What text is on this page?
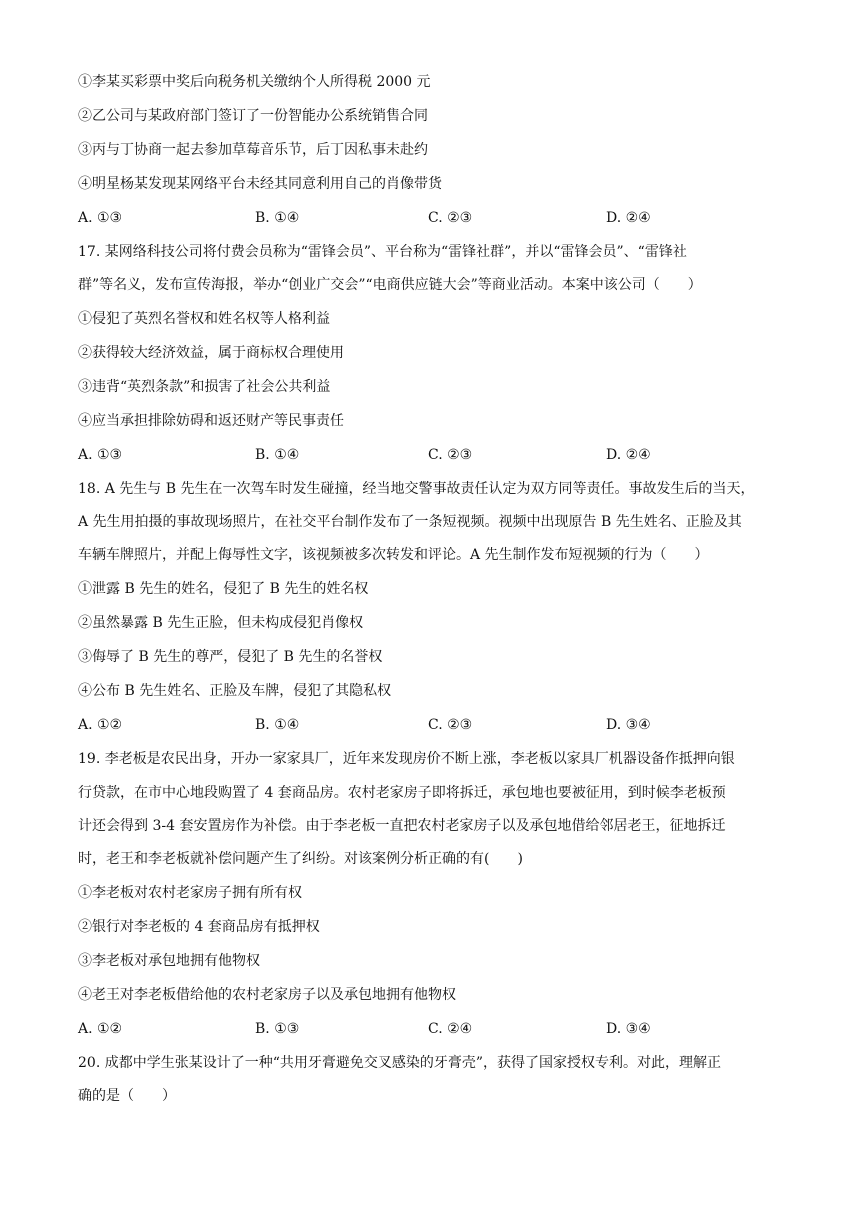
①李某买彩票中奖后向税务机关缴纳个人所得税 2000 元
②乙公司与某政府部门签订了一份智能办公系统销售合同
③丙与丁协商一起去参加草莓音乐节，后丁因私事未赴约
④明星杨某发现某网络平台未经其同意利用自己的肖像带货
A. ①③	B. ①④	C. ②③	D. ②④
17. 某网络科技公司将付费会员称为“雷锋会员”、平台称为“雷锋社群”，并以“雷锋会员”、“雷锋社
群”等名义，发布宣传海报，举办“创业广交会”“电商供应链大会”等商业活动。本案中该公司（　　）
①侵犯了英烈名誉权和姓名权等人格利益
②获得较大经济效益，属于商标权合理使用
③违背“英烈条款”和损害了社会公共利益
④应当承担排除妨碍和返还财产等民事责任
A. ①③	B. ①④	C. ②③	D. ②④
18. A 先生与 B 先生在一次驾车时发生碰撞，经当地交警事故责任认定为双方同等责任。事故发生后的当天，
A 先生用拍摄的事故现场照片，在社交平台制作发布了一条短视频。视频中出现原告 B 先生姓名、正脸及其
车辆车牌照片，并配上侮辱性文字，该视频被多次转发和评论。A 先生制作发布短视频的行为（　　）
①泄露 B 先生的姓名，侵犯了 B 先生的姓名权
②虽然暴露 B 先生正脸，但未构成侵犯肖像权
③侮辱了 B 先生的尊严，侵犯了 B 先生的名誉权
④公布 B 先生姓名、正脸及车牌，侵犯了其隐私权
A. ①②	B. ①④	C. ②③	D. ③④
19. 李老板是农民出身，开办一家家具厂，近年来发现房价不断上涨，李老板以家具厂机器设备作抵押向银
行贷款，在市中心地段购置了 4 套商品房。农村老家房子即将拆迁，承包地也要被征用，到时候李老板预
计还会得到 3-4 套安置房作为补偿。由于李老板一直把农村老家房子以及承包地借给邻居老王，征地拆迁
时，老王和李老板就补偿问题产生了纠纷。对该案例分析正确的有(　　)
①李老板对农村老家房子拥有所有权
②银行对李老板的 4 套商品房有抵押权
③李老板对承包地拥有他物权
④老王对李老板借给他的农村老家房子以及承包地拥有他物权
A. ①②	B. ①③	C. ②④	D. ③④
20. 成都中学生张某设计了一种“共用牙膏避免交叉感染的牙膏壳”，获得了国家授权专利。对此，理解正
确的是（　　）
